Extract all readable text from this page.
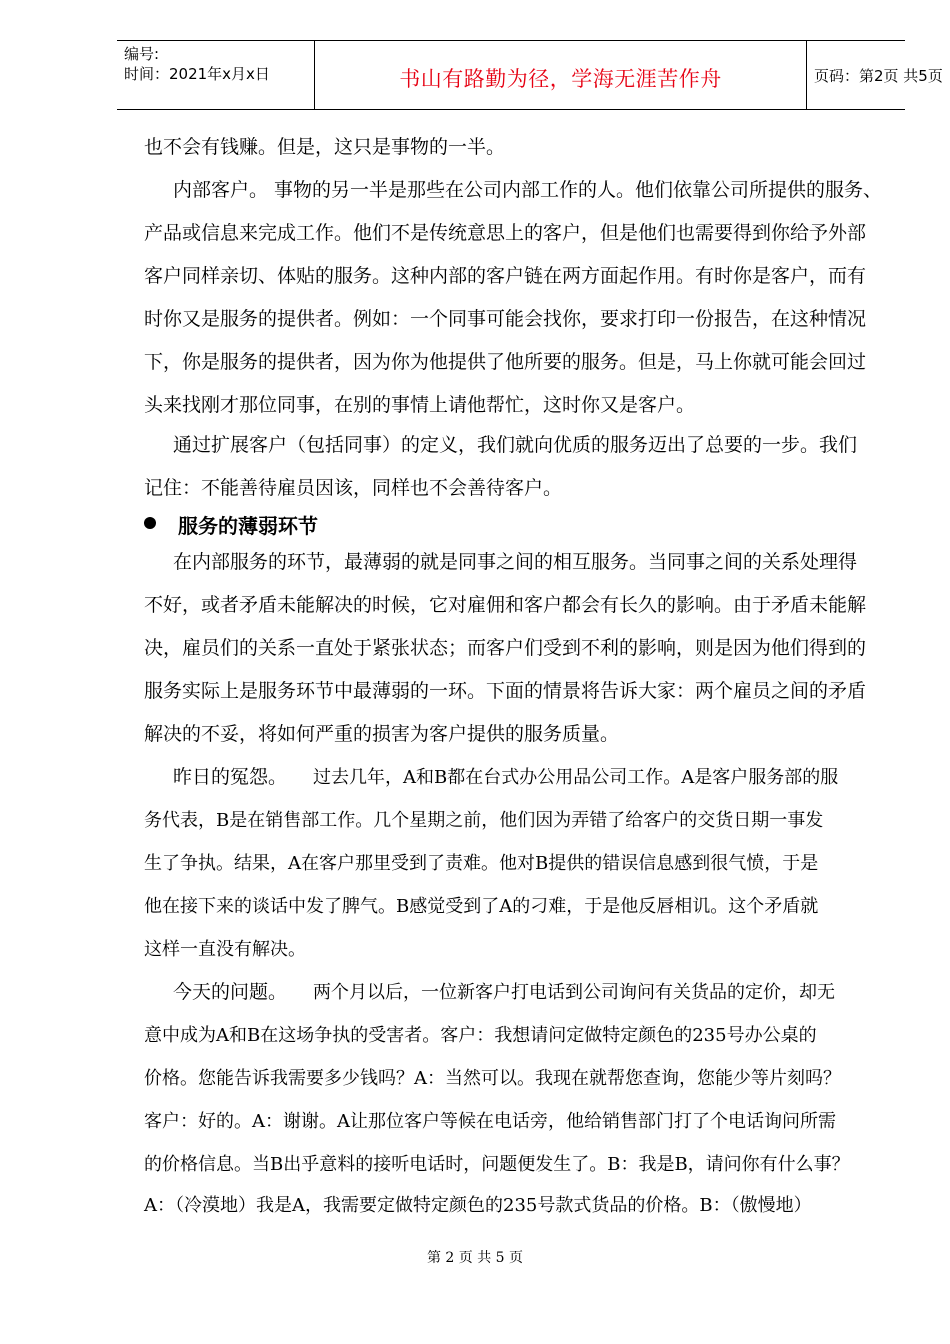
编号:
时间：2021年x月x日	书山有路勤为径，学海无涯苦作舟	页码：第2页 共5页
也不会有钱赚。但是，这只是事物的一半。
内部客户。 事物的另一半是那些在公司内部工作的人。他们依靠公司所提供的服务、
产品或信息来完成工作。他们不是传统意思上的客户，但是他们也需要得到你给予外部
客户同样亲切、体贴的服务。这种内部的客户链在两方面起作用。有时你是客户，而有
时你又是服务的提供者。例如：一个同事可能会找你，要求打印一份报告，在这种情况
下，你是服务的提供者，因为你为他提供了他所要的服务。但是，马上你就可能会回过
头来找刚才那位同事，在别的事情上请他帮忙，这时你又是客户。
通过扩展客户（包括同事）的定义，我们就向优质的服务迈出了总要的一步。我们
记住：不能善待雇员因该，同样也不会善待客户。
服务的薄弱环节
在内部服务的环节，最薄弱的就是同事之间的相互服务。当同事之间的关系处理得
不好，或者矛盾未能解决的时候，它对雇佣和客户都会有长久的影响。由于矛盾未能解
决，雇员们的关系一直处于紧张状态；而客户们受到不利的影响，则是因为他们得到的
服务实际上是服务环节中最薄弱的一环。下面的情景将告诉大家：两个雇员之间的矛盾
解决的不妥，将如何严重的损害为客户提供的服务质量。
昨日的冤怨。 过去几年，A和B都在台式办公用品公司工作。A是客户服务部的服
务代表，B是在销售部工作。几个星期之前，他们因为弄错了给客户的交货日期一事发
生了争执。结果，A在客户那里受到了责难。他对B提供的错误信息感到很气愤，于是
他在接下来的谈话中发了脾气。B感觉受到了A的刁难，于是他反唇相讥。这个矛盾就
这样一直没有解决。
今天的问题。 两个月以后，一位新客户打电话到公司询问有关货品的定价，却无
意中成为A和B在这场争执的受害者。客户：我想请问定做特定颜色的235号办公桌的
价格。您能告诉我需要多少钱吗？A：当然可以。我现在就帮您查询，您能少等片刻吗？
客户：好的。A：谢谢。A让那位客户等候在电话旁，他给销售部门打了个电话询问所需
的价格信息。当B出乎意料的接听电话时，问题便发生了。B：我是B，请问你有什么事？
A：（冷漠地）我是A，我需要定做特定颜色的235号款式货品的价格。B：（傲慢地）
第 2 页 共 5 页
